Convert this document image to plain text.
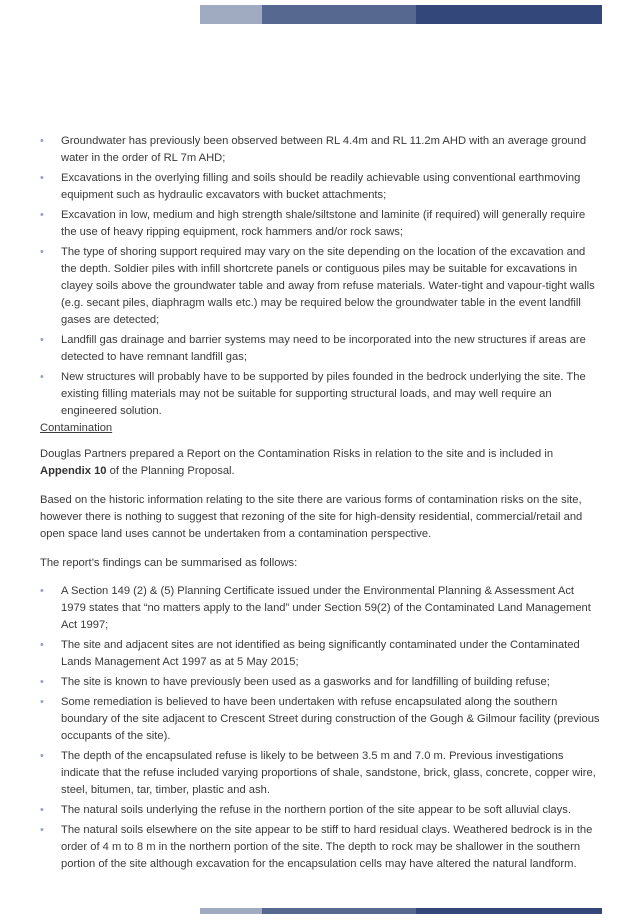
• Groundwater has previously been observed between RL 4.4m and RL 11.2m AHD with an average ground water in the order of RL 7m AHD;
• Excavations in the overlying filling and soils should be readily achievable using conventional earthmoving equipment such as hydraulic excavators with bucket attachments;
• Excavation in low, medium and high strength shale/siltstone and laminite (if required) will generally require the use of heavy ripping equipment, rock hammers and/or rock saws;
• The type of shoring support required may vary on the site depending on the location of the excavation and the depth. Soldier piles with infill shortcrete panels or contiguous piles may be suitable for excavations in clayey soils above the groundwater table and away from refuse materials. Water-tight and vapour-tight walls (e.g. secant piles, diaphragm walls etc.) may be required below the groundwater table in the event landfill gases are detected;
• Landfill gas drainage and barrier systems may need to be incorporated into the new structures if areas are detected to have remnant landfill gas;
• New structures will probably have to be supported by piles founded in the bedrock underlying the site. The existing filling materials may not be suitable for supporting structural loads, and may well require an engineered solution.

Contamination

Douglas Partners prepared a Report on the Contamination Risks in relation to the site and is included in Appendix 10 of the Planning Proposal.

Based on the historic information relating to the site there are various forms of contamination risks on the site, however there is nothing to suggest that rezoning of the site for high-density residential, commercial/retail and open space land uses cannot be undertaken from a contamination perspective.

The report’s findings can be summarised as follows:

• A Section 149 (2) & (5) Planning Certificate issued under the Environmental Planning & Assessment Act 1979 states that “no matters apply to the land” under Section 59(2) of the Contaminated Land Management Act 1997;
• The site and adjacent sites are not identified as being significantly contaminated under the Contaminated Lands Management Act 1997 as at 5 May 2015;
• The site is known to have previously been used as a gasworks and for landfilling of building refuse;
• Some remediation is believed to have been undertaken with refuse encapsulated along the southern boundary of the site adjacent to Crescent Street during construction of the Gough & Gilmour facility (previous occupants of the site).
• The depth of the encapsulated refuse is likely to be between 3.5 m and 7.0 m. Previous investigations indicate that the refuse included varying proportions of shale, sandstone, brick, glass, concrete, copper wire, steel, bitumen, tar, timber, plastic and ash.
• The natural soils underlying the refuse in the northern portion of the site appear to be soft alluvial clays.
• The natural soils elsewhere on the site appear to be stiff to hard residual clays. Weathered bedrock is in the order of 4 m to 8 m in the northern portion of the site. The depth to rock may be shallower in the southern portion of the site although excavation for the encapsulation cells may have altered the natural landform.
